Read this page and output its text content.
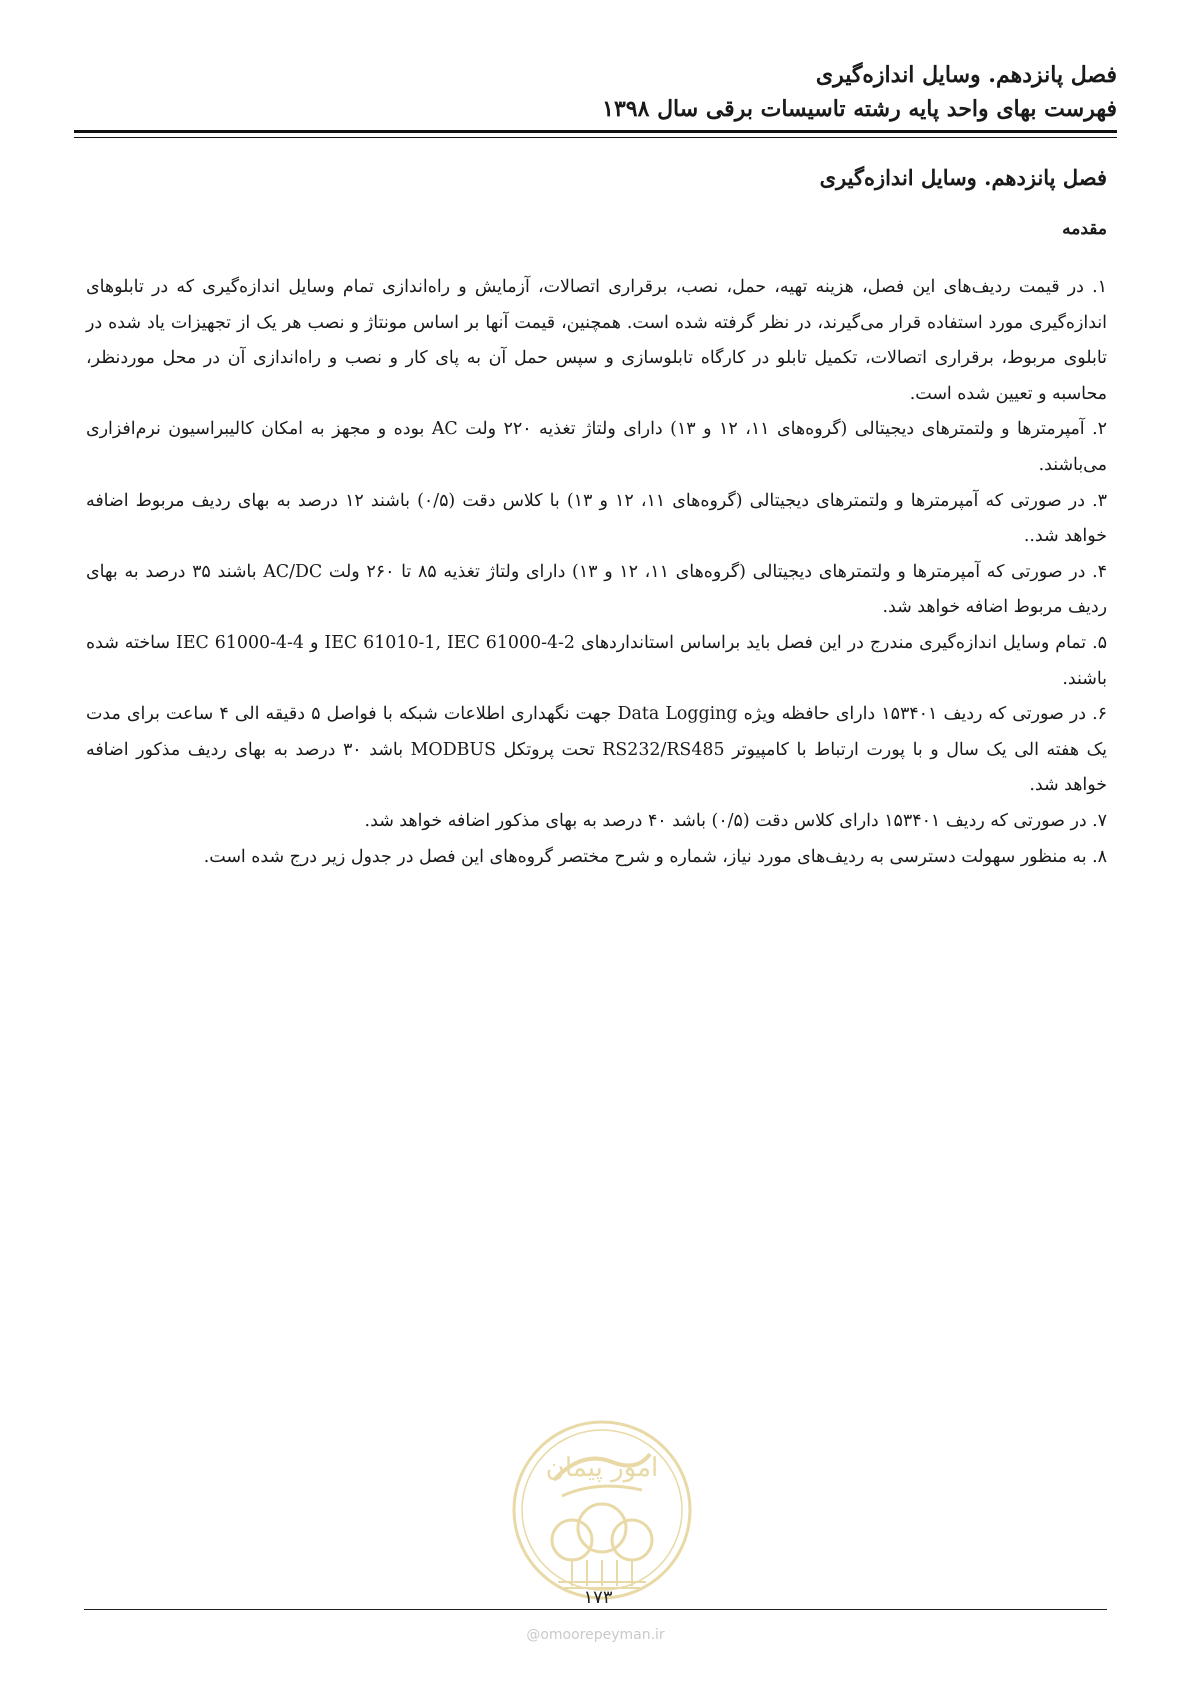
فصل پانزدهم. وسایل اندازه‌گیری
فهرست بهای واحد پایه رشته تاسیسات برقی سال ۱۳۹۸
فصل پانزدهم. وسایل اندازه‌گیری
مقدمه

۱. در قیمت ردیف‌های این فصل، هزینه تهیه، حمل، نصب، برقراری اتصالات، آزمایش و راه‌اندازی تمام وسایل اندازه‌گیری که در تابلوهای اندازه‌گیری مورد استفاده قرار می‌گیرند، در نظر گرفته شده است. همچنین، قیمت آنها بر اساس مونتاژ و نصب هر یک از تجهیزات یاد شده در تابلوی مربوط، برقراری اتصالات، تکمیل تابلو در کارگاه تابلوسازی و سپس حمل آن به پای کار و نصب و راه‌اندازی آن در محل موردنظر، محاسبه و تعیین شده است.

۲. آمپرمترها و ولتمترهای دیجیتالی (گروه‌های ۱۱، ۱۲ و ۱۳) دارای ولتاژ تغذیه ۲۲۰ ولت AC بوده و مجهز به امکان کالیبراسیون نرم‌افزاری می‌باشند.

۳. در صورتی که آمپرمترها و ولتمترهای دیجیتالی (گروه‌های ۱۱، ۱۲ و ۱۳) با کلاس دقت (۰/۵) باشند ۱۲ درصد به بهای ردیف مربوط اضافه خواهد شد..

۴. در صورتی که آمپرمترها و ولتمترهای دیجیتالی (گروه‌های ۱۱، ۱۲ و ۱۳) دارای ولتاژ تغذیه ۸۵ تا ۲۶۰ ولت AC/DC باشند ۳۵ درصد به بهای ردیف مربوط اضافه خواهد شد.

۵. تمام وسایل اندازه‌گیری مندرج در این فصل باید براساس استانداردهای IEC 61010-1, IEC 61000-4-2 و IEC 61000-4-4 ساخته شده باشند.

۶. در صورتی که ردیف ۱۵۳۴۰۱ دارای حافظه ویژه Data Logging جهت نگهداری اطلاعات شبکه با فواصل ۵ دقیقه الی ۴ ساعت برای مدت یک هفته الی یک سال و با پورت ارتباط با کامپیوتر RS232/RS485 تحت پروتکل MODBUS باشد ۳۰ درصد به بهای ردیف مذکور اضافه خواهد شد.

۷. در صورتی که ردیف ۱۵۳۴۰۱ دارای کلاس دقت (۰/۵) باشد ۴۰ درصد به بهای مذکور اضافه خواهد شد.

۸. به منظور سهولت دسترسی به ردیف‌های مورد نیاز، شماره و شرح مختصر گروه‌های این فصل در جدول زیر درج شده است.

امور پیمان
۱۷۳
@omoorepeyman.ir
